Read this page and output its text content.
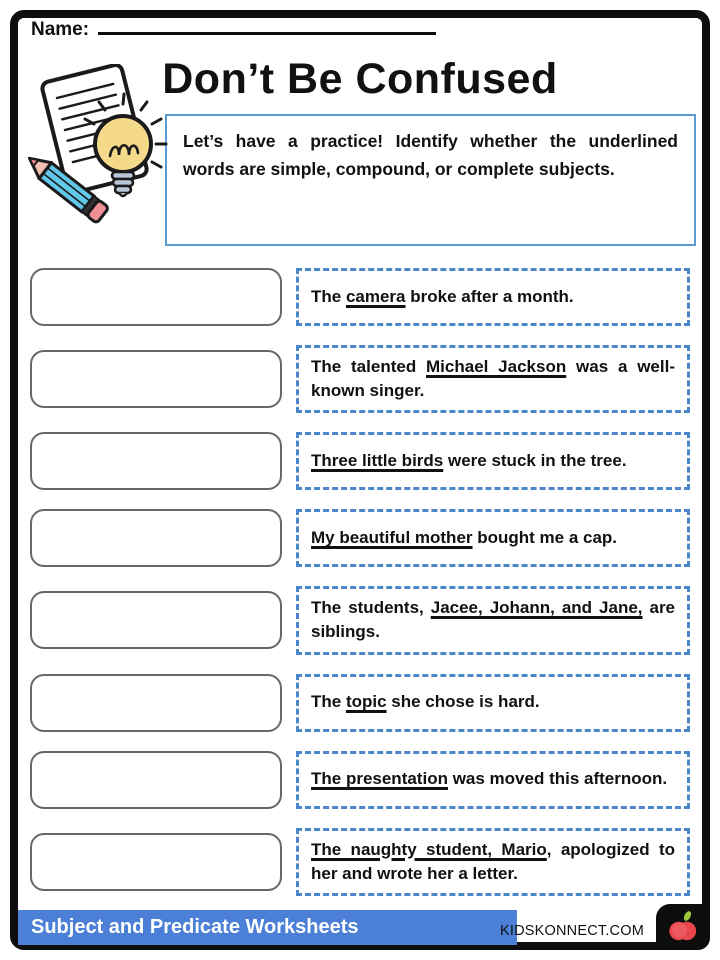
Name:
Don’t Be Confused

Let’s have a practice! Identify whether the underlined words are simple, compound, or complete subjects.

The camera broke after a month.

The talented Michael Jackson was a well-known singer.

Three little birds were stuck in the tree.

My beautiful mother bought me a cap.

The students, Jacee, Johann, and Jane, are siblings.

The topic she chose is hard.

The presentation was moved this afternoon.

The naughty student, Mario, apologized to her and wrote her a letter.

Subject and Predicate Worksheets	KIDSKONNECT.COM
